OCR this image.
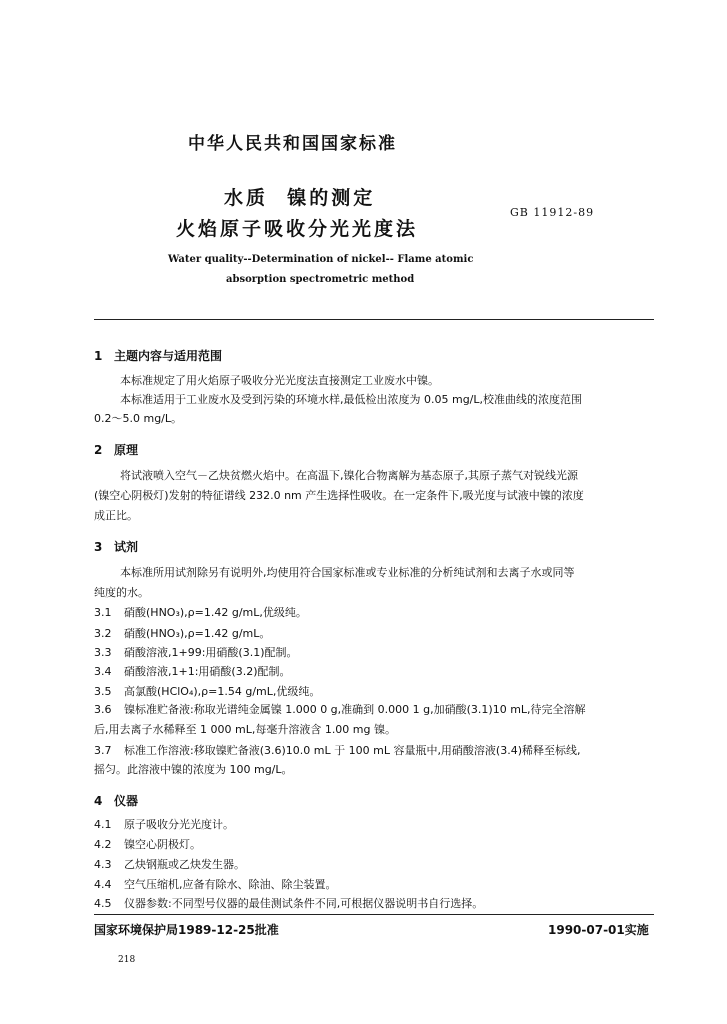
中华人民共和国国家标准
水质  镍的测定
火焰原子吸收分光光度法
GB 11912-89
Water quality--Determination of nickel-- Flame atomic
absorption spectrometric method
1 主题内容与适用范围
本标准规定了用火焰原子吸收分光光度法直接测定工业废水中镍。
本标准适用于工业废水及受到污染的环境水样,最低检出浓度为 0.05 mg/L,校准曲线的浓度范围
0.2～5.0 mg/L。
2 原理
将试液喷入空气－乙炔贫燃火焰中。在高温下,镍化合物离解为基态原子,其原子蒸气对锐线光源
(镍空心阴极灯)发射的特征谱线 232.0 nm 产生选择性吸收。在一定条件下,吸光度与试液中镍的浓度
成正比。
3 试剂
本标准所用试剂除另有说明外,均使用符合国家标准或专业标准的分析纯试剂和去离子水或同等
纯度的水。
3.1 硝酸(HNO₃),ρ=1.42 g/mL,优级纯。
3.2 硝酸(HNO₃),ρ=1.42 g/mL。
3.3 硝酸溶液,1+99:用硝酸(3.1)配制。
3.4 硝酸溶液,1+1:用硝酸(3.2)配制。
3.5 高氯酸(HClO₄),ρ=1.54 g/mL,优级纯。
3.6 镍标准贮备液:称取光谱纯金属镍 1.000 0 g,准确到 0.000 1 g,加硝酸(3.1)10 mL,待完全溶解
后,用去离子水稀释至 1 000 mL,每毫升溶液含 1.00 mg 镍。
3.7 标准工作溶液:移取镍贮备液(3.6)10.0 mL 于 100 mL 容量瓶中,用硝酸溶液(3.4)稀释至标线,
摇匀。此溶液中镍的浓度为 100 mg/L。
4 仪器
4.1 原子吸收分光光度计。
4.2 镍空心阴极灯。
4.3 乙炔钢瓶或乙炔发生器。
4.4 空气压缩机,应备有除水、除油、除尘装置。
4.5 仪器参数:不同型号仪器的最佳测试条件不同,可根据仪器说明书自行选择。
国家环境保护局1989-12-25批准	1990-07-01实施
218
